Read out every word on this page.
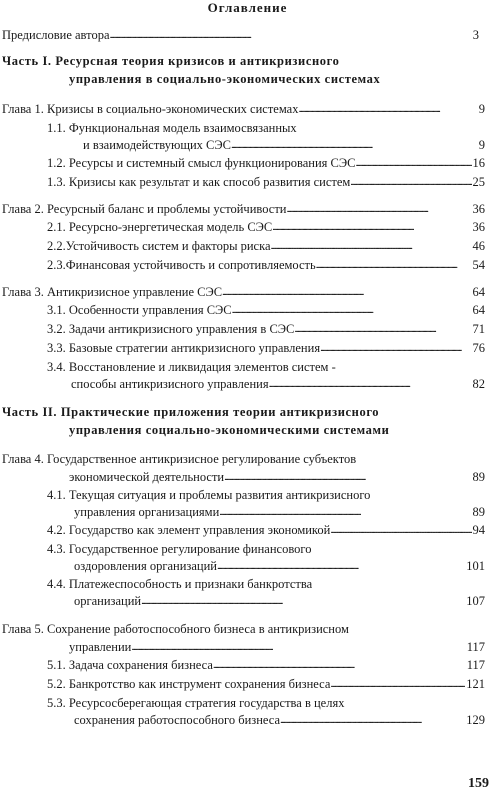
Оглавление
Предисловие автора . . .	3
Часть I. Ресурсная теория кризисов и антикризисного
управления в социально-экономических системах
Глава 1. Кризисы в социально-экономических системах . . .	9
1.1. Функциональная модель взаимосвязанных
и взаимодействующих СЭС . . .	9
1.2. Ресурсы и системный смысл функционирования СЭС . . .	16
1.3. Кризисы как результат и как способ развития систем . . .	25
Глава 2. Ресурсный баланс и проблемы устойчивости . . .	36
2.1. Ресурсно-энергетическая модель СЭС . . .	36
2.2.Устойчивость систем и факторы риска . . .	46
2.3.Финансовая устойчивость и сопротивляемость . . .	54
Глава 3. Антикризисное управление СЭС . . .	64
3.1. Особенности управления СЭС . . .	64
3.2. Задачи антикризисного управления в СЭС . . .	71
3.3. Базовые стратегии антикризисного управления . . .	76
3.4. Восстановление и ликвидация элементов систем -
способы антикризисного управления . . .	82
Часть II. Практические приложения теории антикризисного
управления социально-экономическими системами
Глава 4. Государственное антикризисное регулирование субъектов
экономической деятельности . . .	89
4.1. Текущая ситуация и проблемы развития антикризисного
управления организациями . . .	89
4.2. Государство как элемент управления экономикой . . .	94
4.3. Государственное регулирование финансового
оздоровления организаций . . .	101
4.4. Платежеспособность и признаки банкротства
организаций . . .	107
Глава 5. Сохранение работоспособного бизнеса в антикризисном
управлении . . .	117
5.1. Задача сохранения бизнеса . . .	117
5.2. Банкротство как инструмент сохранения бизнеса . . .	121
5.3. Ресурсосберегающая стратегия государства в целях
сохранения работоспособного бизнеса . . .	129
159
